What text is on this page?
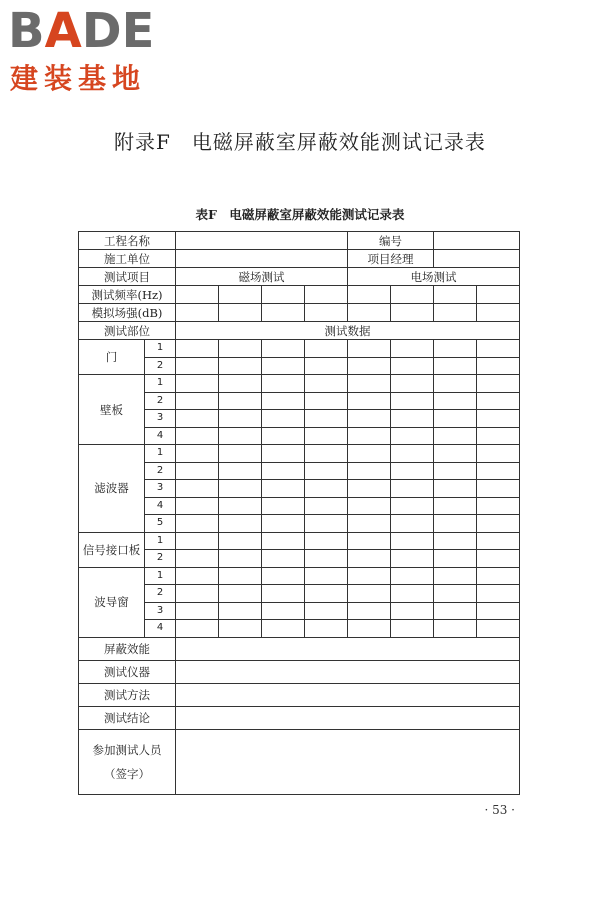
BADE
建装基地
附录F　电磁屏蔽室屏蔽效能测试记录表
表F　电磁屏蔽室屏蔽效能测试记录表
工程名称						编号			
施工单位						项目经理			
测试项目		磁场测试				电场测试			
测试频率(Hz)									
模拟场强(dB)									
测试部位		测试数据							
门	1								
	2								
壁板	1								
	2								
	3								
	4								
滤波器	1								
	2								
	3								
	4								
	5								
信号接口板	1								
	2								
波导窗	1								
	2								
	3								
	4								
屏蔽效能									
测试仪器									
测试方法									
测试结论									

参加测试人员
（签字）									

· 53 ·
